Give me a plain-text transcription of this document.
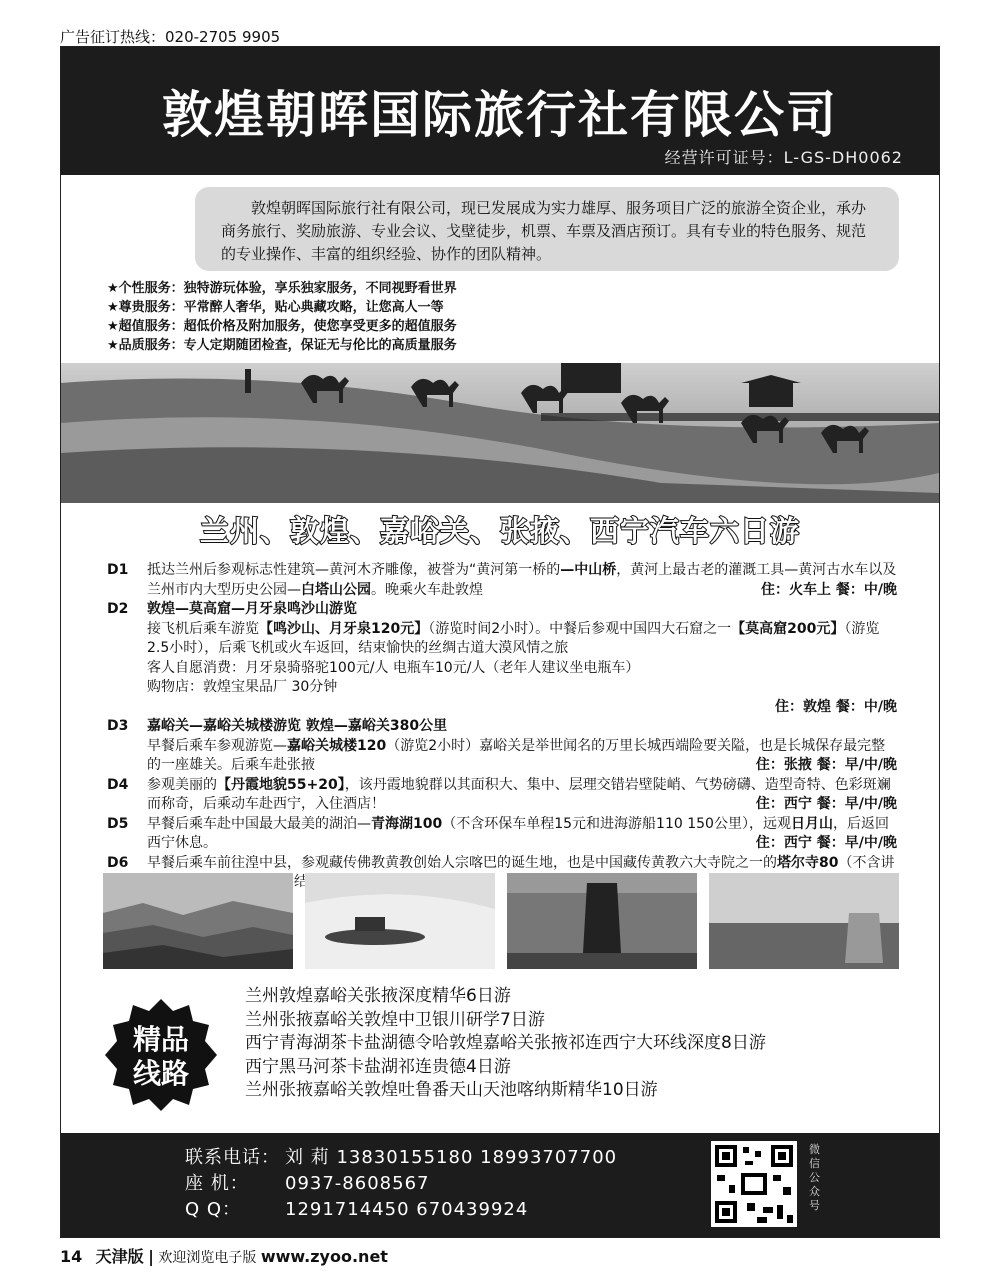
广告征订热线：020-2705 9905
敦煌朝晖国际旅行社有限公司
经营许可证号：L-GS-DH0062
敦煌朝晖国际旅行社有限公司，现已发展成为实力雄厚、服务项目广泛的旅游全资企业，承办商务旅行、奖励旅游、专业会议、戈壁徒步，机票、车票及酒店预订。具有专业的特色服务、规范的专业操作、丰富的组织经验、协作的团队精神。
★个性服务：独特游玩体验，享乐独家服务，不同视野看世界
★尊贵服务：平常醉人奢华，贴心典藏攻略，让您高人一等
★超值服务：超低价格及附加服务，使您享受更多的超值服务
★品质服务：专人定期随团检查，保证无与伦比的高质量服务
兰州、敦煌、嘉峪关、张掖、西宁汽车六日游
D1 抵达兰州后参观标志性建筑—黄河木齐雕像，被誉为“黄河第一桥的—中山桥，黄河上最古老的灌溉工具—黄河古水车以及兰州市内大型历史公园—白塔山公园。晚乘火车赴敦煌	住：火车上 餐：中/晚
D2 敦煌—莫高窟—月牙泉鸣沙山游览
接飞机后乘车游览【鸣沙山、月牙泉120元】（游览时间2小时）。中餐后参观中国四大石窟之一【莫高窟200元】（游览2.5小时），后乘飞机或火车返回，结束愉快的丝绸古道大漠风情之旅
客人自愿消费：月牙泉骑骆驼100元/人 电瓶车10元/人（老年人建议坐电瓶车）
购物店：敦煌宝果品厂 30分钟
住：敦煌 餐：中/晚
D3 嘉峪关—嘉峪关城楼游览 敦煌—嘉峪关380公里
早餐后乘车参观游览—嘉峪关城楼120（游览2小时）嘉峪关是举世闻名的万里长城西端险要关隘，也是长城保存最完整的一座雄关。后乘车赴张掖	住：张掖 餐：早/中/晚
D4 参观美丽的【丹霞地貌55+20】，该丹霞地貌群以其面积大、集中、层理交错岩壁陡峭、气势磅礴、造型奇特、色彩斑斓而称奇，后乘动车赴西宁，入住酒店！	住：西宁 餐：早/中/晚
D5 早餐后乘车赴中国最大最美的湖泊—青海湖100（不含环保车单程15元和进海游船110 150公里），远观日月山，后返回西宁休息。	住：西宁 餐：早/中/晚
D6 早餐后乘车前往湟中县，参观藏传佛教黄教创始人宗喀巴的诞生地，也是中国藏传黄教六大寺院之一的塔尔寺80（不含讲 赴兰州送团结束行程！
精品
线路
兰州敦煌嘉峪关张掖深度精华6日游
兰州张掖嘉峪关敦煌中卫银川研学7日游
西宁青海湖茶卡盐湖德令哈敦煌嘉峪关张掖祁连西宁大环线深度8日游
西宁黑马河茶卡盐湖祁连贵德4日游
兰州张掖嘉峪关敦煌吐鲁番天山天池喀纳斯精华10日游
联系电话： 刘 莉 13830155180 18993707700
座 机： 0937-8608567
Q Q： 1291714450 670439924
微信公众号
14 天津版 | 欢迎浏览电子版 www.zyoo.net
